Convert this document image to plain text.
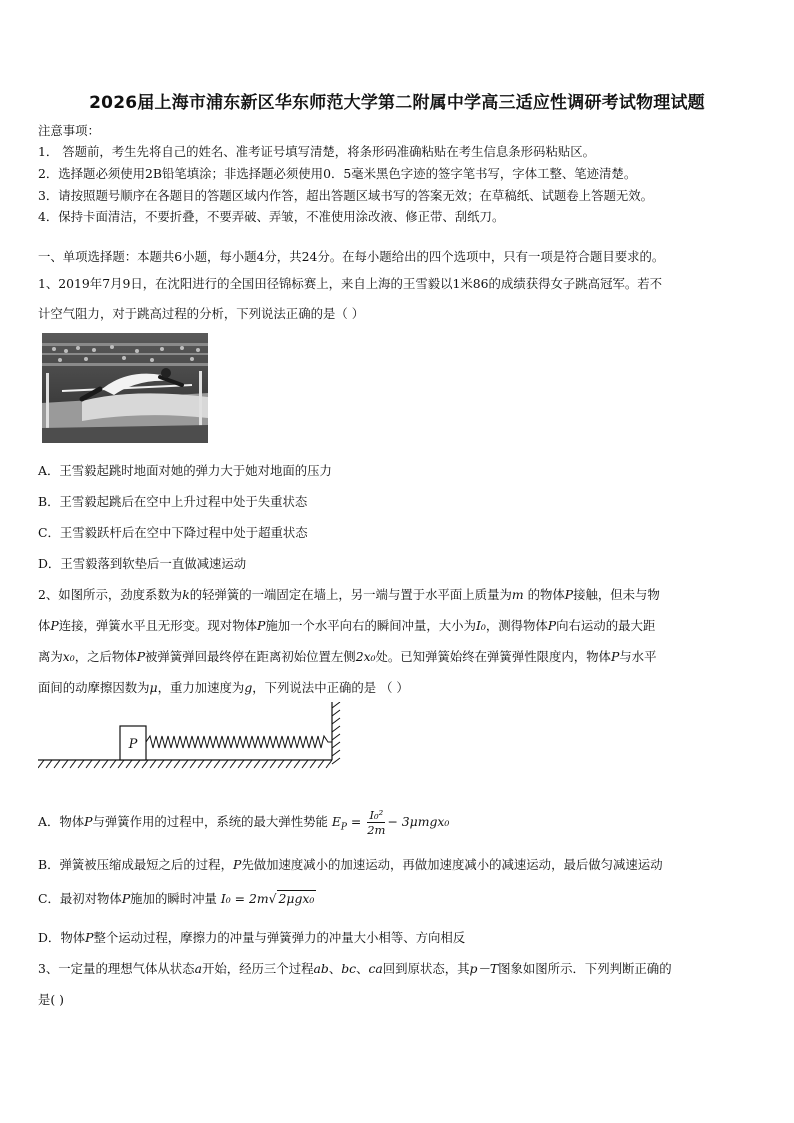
2026届上海市浦东新区华东师范大学第二附属中学高三适应性调研考试物理试题
注意事项：
1． 答题前，考生先将自己的姓名、准考证号填写清楚，将条形码准确粘贴在考生信息条形码粘贴区。
2．选择题必须使用2B铅笔填涂；非选择题必须使用0．5毫米黑色字迹的签字笔书写，字体工整、笔迹清楚。
3．请按照题号顺序在各题目的答题区域内作答，超出答题区域书写的答案无效；在草稿纸、试题卷上答题无效。
4．保持卡面清洁，不要折叠，不要弄破、弄皱，不准使用涂改液、修正带、刮纸刀。
一、单项选择题：本题共6小题，每小题4分，共24分。在每小题给出的四个选项中，只有一项是符合题目要求的。
1、2019年7月9日，在沈阳进行的全国田径锦标赛上，来自上海的王雪毅以1米86的成绩获得女子跳高冠军。若不
计空气阻力，对于跳高过程的分析，下列说法正确的是（ ）
A．王雪毅起跳时地面对她的弹力大于她对地面的压力
B．王雪毅起跳后在空中上升过程中处于失重状态
C．王雪毅跃杆后在空中下降过程中处于超重状态
D．王雪毅落到软垫后一直做减速运动
2、如图所示，劲度系数为k的轻弹簧的一端固定在墙上，另一端与置于水平面上质量为m 的物体P接触，但未与物
体P连接，弹簧水平且无形变。现对物体P施加一个水平向右的瞬间冲量，大小为I₀，测得物体P向右运动的最大距
离为x₀，之后物体P被弹簧弹回最终停在距离初始位置左侧2x₀处。已知弹簧始终在弹簧弹性限度内，物体P与水平
面间的动摩擦因数为μ，重力加速度为g，下列说法中正确的是 （ ）
P
A．物体P与弹簧作用的过程中，系统的最大弹性势能 $E_P = \frac{\text{I₀²}}{2m} - 3\mu mgx_0$
B．弹簧被压缩成最短之后的过程，P先做加速度减小的加速运动，再做加速度减小的减速运动，最后做匀减速运动
C．最初对物体P施加的瞬时冲量 I₀ = 2m√ 2μgx₀
D．物体P整个运动过程，摩擦力的冲量与弹簧弹力的冲量大小相等、方向相反
3、一定量的理想气体从状态a开始，经历三个过程ab、bc、ca回到原状态，其p－T图象如图所示．下列判断正确的
是( )
